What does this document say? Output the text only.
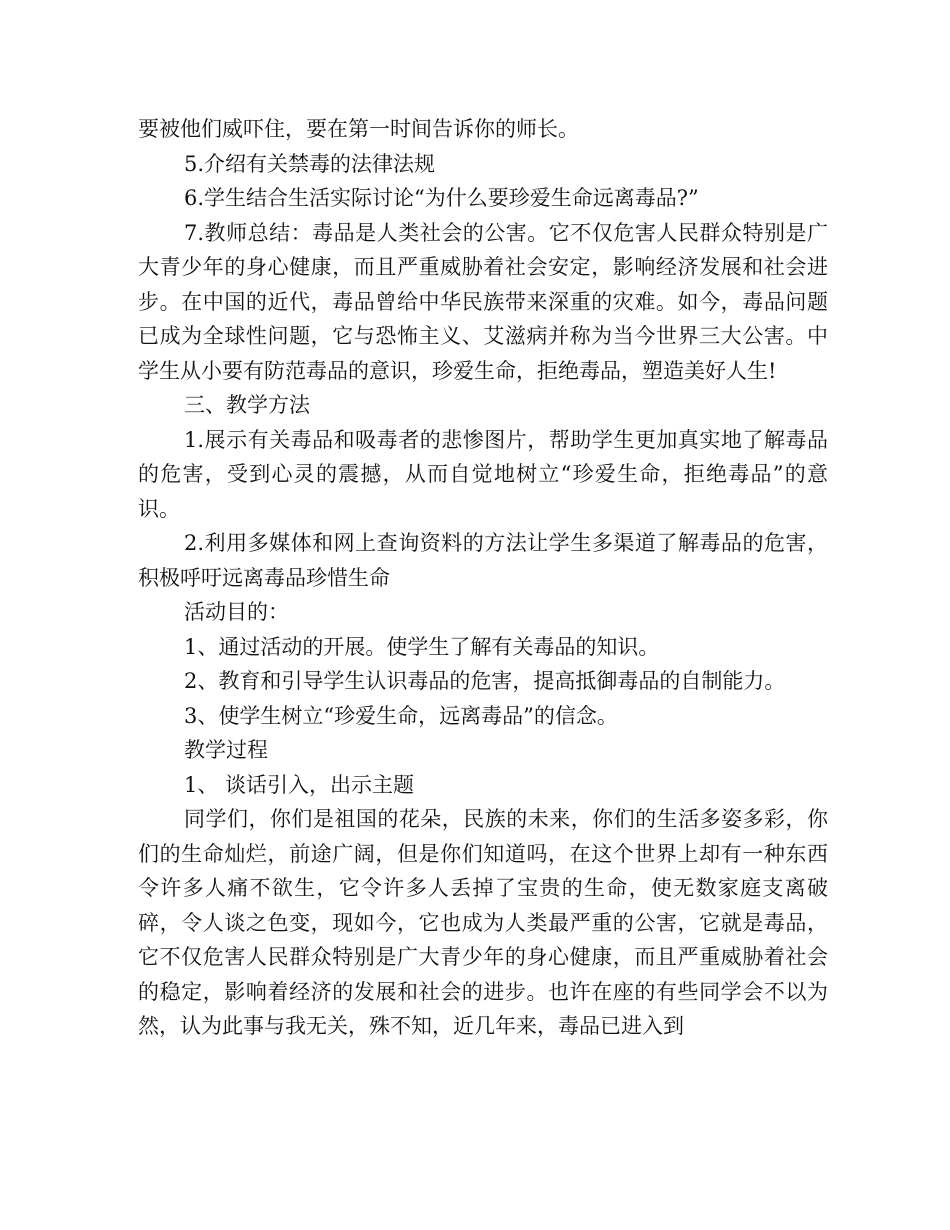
要被他们威吓住，要在第一时间告诉你的师长。

5.介绍有关禁毒的法律法规

6.学生结合生活实际讨论“为什么要珍爱生命远离毒品?”

7.教师总结：毒品是人类社会的公害。它不仅危害人民群众特别是广大青少年的身心健康，而且严重威胁着社会安定，影响经济发展和社会进步。在中国的近代，毒品曾给中华民族带来深重的灾难。如今，毒品问题已成为全球性问题，它与恐怖主义、艾滋病并称为当今世界三大公害。中学生从小要有防范毒品的意识，珍爱生命，拒绝毒品，塑造美好人生!

三、教学方法

1.展示有关毒品和吸毒者的悲惨图片，帮助学生更加真实地了解毒品的危害，受到心灵的震撼，从而自觉地树立“珍爱生命，拒绝毒品”的意识。

2.利用多媒体和网上查询资料的方法让学生多渠道了解毒品的危害，积极呼吁远离毒品珍惜生命

活动目的：

1、通过活动的开展。使学生了解有关毒品的知识。

2、教育和引导学生认识毒品的危害，提高抵御毒品的自制能力。

3、使学生树立“珍爱生命，远离毒品”的信念。

教学过程

1、 谈话引入，出示主题

同学们，你们是祖国的花朵，民族的未来，你们的生活多姿多彩，你们的生命灿烂，前途广阔，但是你们知道吗，在这个世界上却有一种东西令许多人痛不欲生，它令许多人丢掉了宝贵的生命，使无数家庭支离破碎，令人谈之色变，现如今，它也成为人类最严重的公害，它就是毒品，它不仅危害人民群众特别是广大青少年的身心健康，而且严重威胁着社会的稳定，影响着经济的发展和社会的进步。也许在座的有些同学会不以为然，认为此事与我无关，殊不知，近几年来，毒品已进入到
